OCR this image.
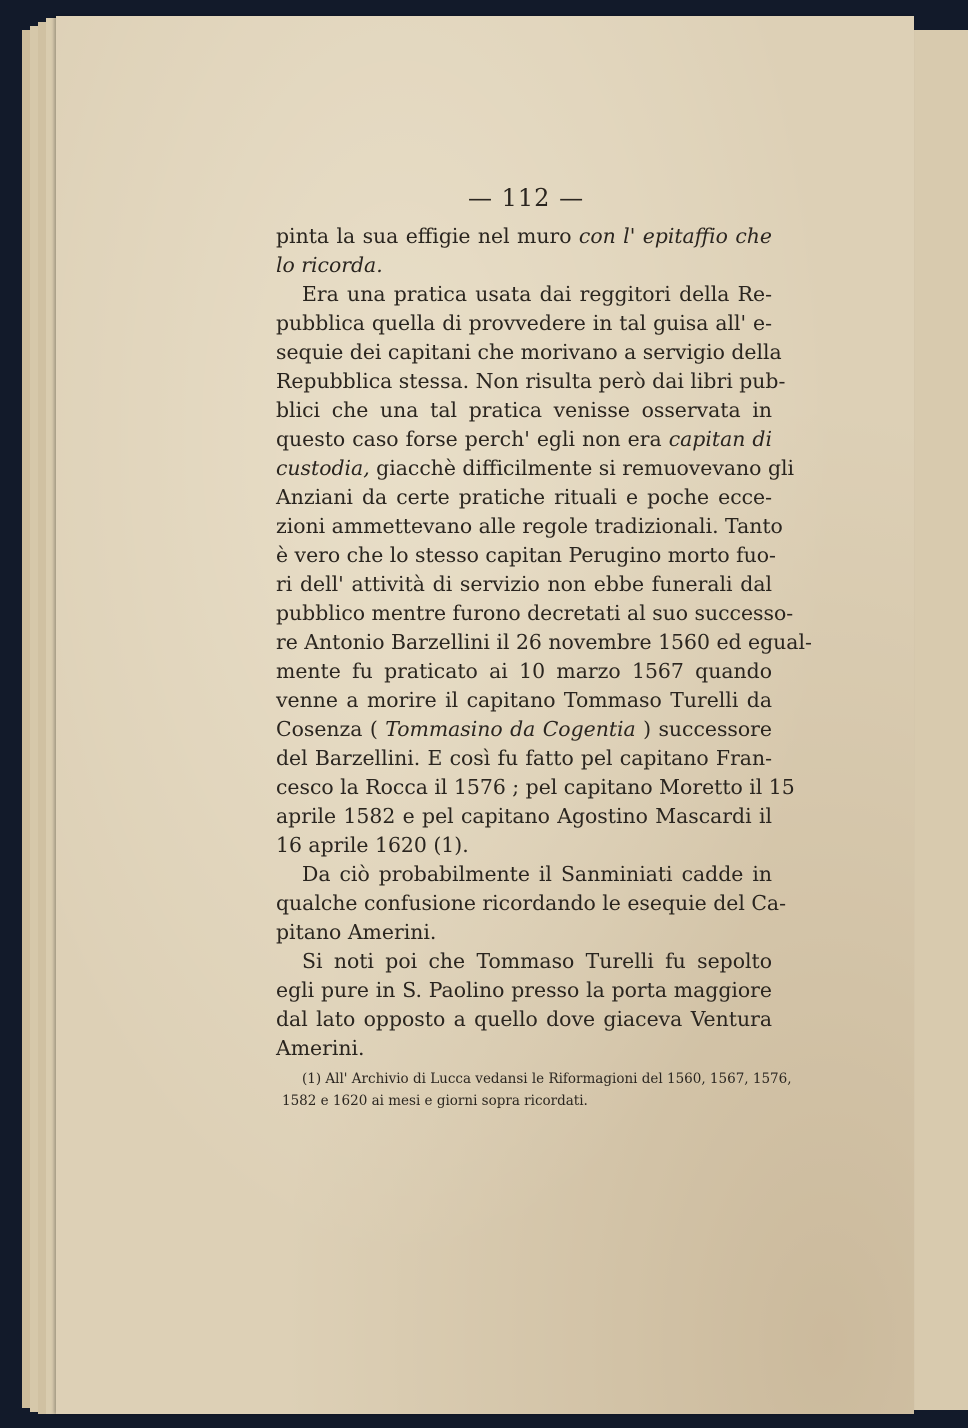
— 112 —
pinta la sua effigie nel muro con l' epitaffio che
lo ricorda.
Era una pratica usata dai reggitori della Re-
pubblica quella di provvedere in tal guisa all' e-
sequie dei capitani che morivano a servigio della
Repubblica stessa. Non risulta però dai libri pub-
blici che una tal pratica venisse osservata in
questo caso forse perch' egli non era capitan di
custodia, giacchè difficilmente si remuovevano gli
Anziani da certe pratiche rituali e poche ecce-
zioni ammettevano alle regole tradizionali. Tanto
è vero che lo stesso capitan Perugino morto fuo-
ri dell' attività di servizio non ebbe funerali dal
pubblico mentre furono decretati al suo successo-
re Antonio Barzellini il 26 novembre 1560 ed egual-
mente fu praticato ai 10 marzo 1567 quando
venne a morire il capitano Tommaso Turelli da
Cosenza ( Tommasino da Cogentia ) successore
del Barzellini. E così fu fatto pel capitano Fran-
cesco la Rocca il 1576 ; pel capitano Moretto il 15
aprile 1582 e pel capitano Agostino Mascardi il
16 aprile 1620 (1).
Da ciò probabilmente il Sanminiati cadde in
qualche confusione ricordando le esequie del Ca-
pitano Amerini.
Si noti poi che Tommaso Turelli fu sepolto
egli pure in S. Paolino presso la porta maggiore
dal lato opposto a quello dove giaceva Ventura
Amerini.
(1) All' Archivio di Lucca vedansi le Riformagioni del 1560, 1567, 1576,
1582 e 1620 ai mesi e giorni sopra ricordati.
